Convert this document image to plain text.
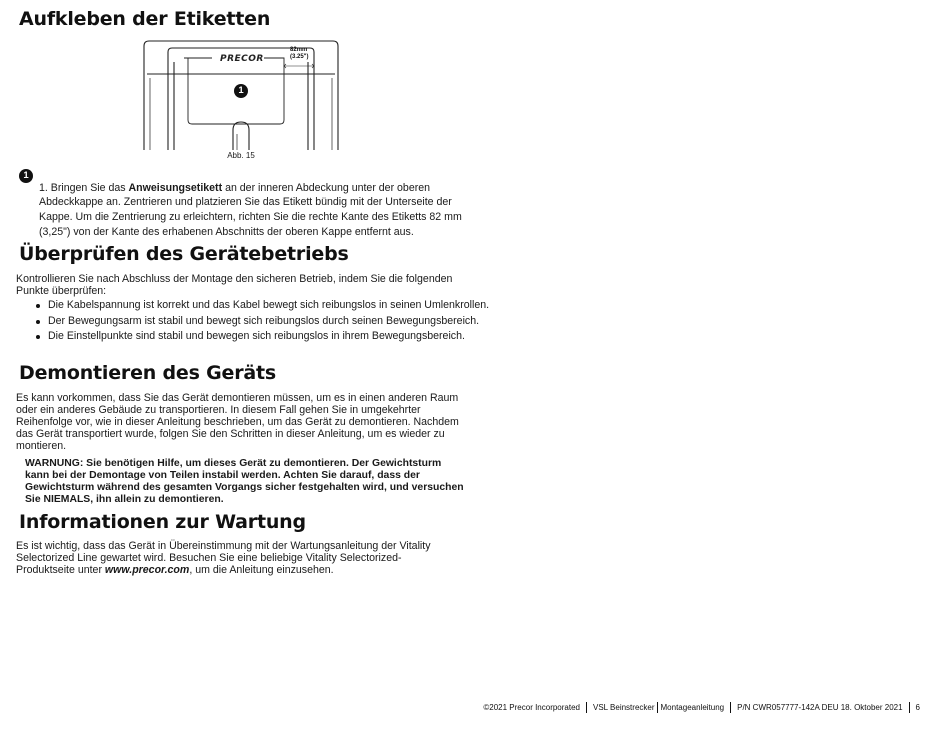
Aufkleben der Etiketten
PRECOR
82mm
(3.25")
1
Abb. 15
1

1. Bringen Sie das Anweisungsetikett an der inneren Abdeckung unter der oberen Abdeckkappe an. Zentrieren und platzieren Sie das Etikett bündig mit der Unterseite der Kappe. Um die Zentrierung zu erleichtern, richten Sie die rechte Kante des Etiketts 82 mm (3,25") von der Kante des erhabenen Abschnitts der oberen Kappe entfernt aus.

Überprüfen des Gerätebetriebs

Kontrollieren Sie nach Abschluss der Montage den sicheren Betrieb, indem Sie die folgenden Punkte überprüfen:

Die Kabelspannung ist korrekt und das Kabel bewegt sich reibungslos in seinen Umlenkrollen.
Der Bewegungsarm ist stabil und bewegt sich reibungslos durch seinen Bewegungsbereich.
Die Einstellpunkte sind stabil und bewegen sich reibungslos in ihrem Bewegungsbereich.
Demontieren des Geräts

Es kann vorkommen, dass Sie das Gerät demontieren müssen, um es in einen anderen Raum oder ein anderes Gebäude zu transportieren. In diesem Fall gehen Sie in umgekehrter Reihenfolge vor, wie in dieser Anleitung beschrieben, um das Gerät zu demontieren. Nachdem das Gerät transportiert wurde, folgen Sie den Schritten in dieser Anleitung, um es wieder zu montieren.

WARNUNG: Sie benötigen Hilfe, um dieses Gerät zu demontieren. Der Gewichtsturm kann bei der Demontage von Teilen instabil werden. Achten Sie darauf, dass der Gewichtsturm während des gesamten Vorgangs sicher festgehalten wird, und versuchen Sie NIEMALS, ihn allein zu demontieren.

Informationen zur Wartung

Es ist wichtig, dass das Gerät in Übereinstimmung mit der Wartungsanleitung der Vitality Selectorized Line gewartet wird. Besuchen Sie eine beliebige Vitality Selectorized-Produktseite unter www.precor.com, um die Anleitung einzusehen.

©2021 Precor Incorporated VSL Beinstrecker Montageanleitung P/N CWR057777-142A DEU 18. Oktober 2021 6
